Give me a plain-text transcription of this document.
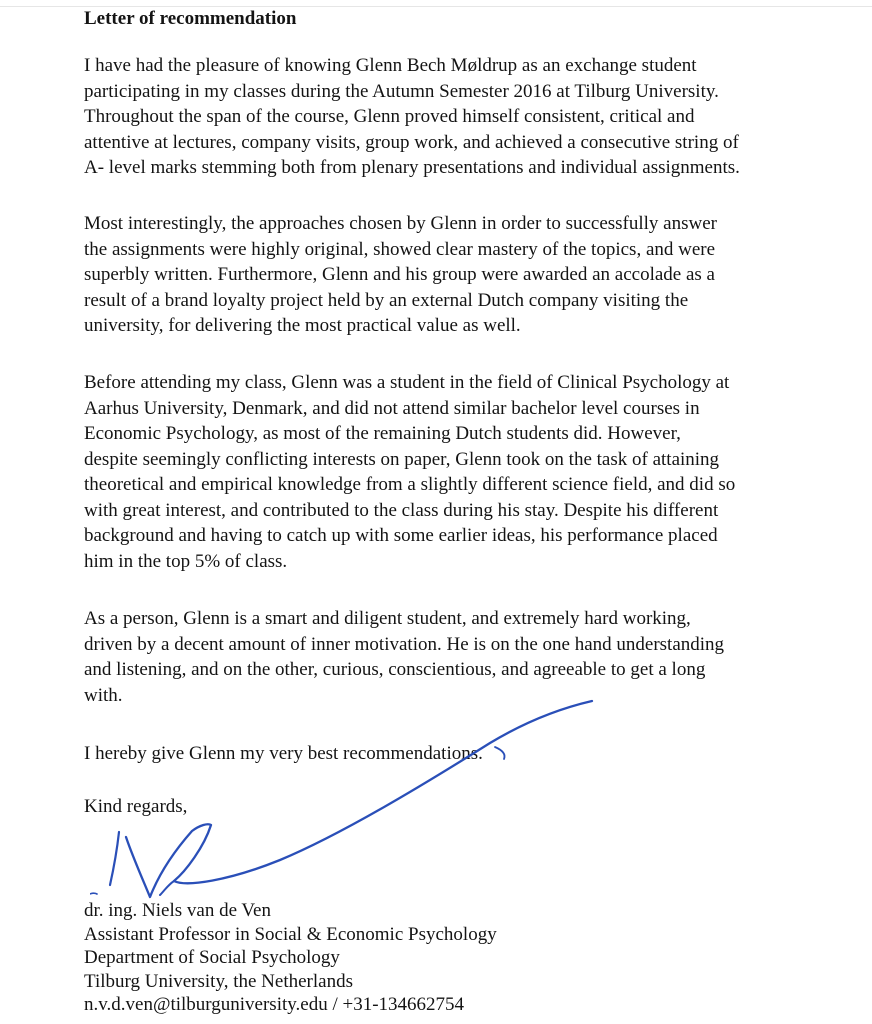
Letter of recommendation

I have had the pleasure of knowing Glenn Bech Møldrup as an exchange student
participating in my classes during the Autumn Semester 2016 at Tilburg University.
Throughout the span of the course, Glenn proved himself consistent, critical and
attentive at lectures, company visits, group work, and achieved a consecutive string of
A- level marks stemming both from plenary presentations and individual assignments.

Most interestingly, the approaches chosen by Glenn in order to successfully answer
the assignments were highly original, showed clear mastery of the topics, and were
superbly written. Furthermore, Glenn and his group were awarded an accolade as a
result of a brand loyalty project held by an external Dutch company visiting the
university, for delivering the most practical value as well.

Before attending my class, Glenn was a student in the field of Clinical Psychology at
Aarhus University, Denmark, and did not attend similar bachelor level courses in
Economic Psychology, as most of the remaining Dutch students did. However,
despite seemingly conflicting interests on paper, Glenn took on the task of attaining
theoretical and empirical knowledge from a slightly different science field, and did so
with great interest, and contributed to the class during his stay. Despite his different
background and having to catch up with some earlier ideas, his performance placed
him in the top 5% of class.

As a person, Glenn is a smart and diligent student, and extremely hard working,
driven by a decent amount of inner motivation. He is on the one hand understanding
and listening, and on the other, curious, conscientious, and agreeable to get a long
with.

I hereby give Glenn my very best recommendations.

Kind regards,

dr. ing. Niels van de Ven
Assistant Professor in Social & Economic Psychology
Department of Social Psychology
Tilburg University, the Netherlands
n.v.d.ven@tilburguniversity.edu / +31-134662754
